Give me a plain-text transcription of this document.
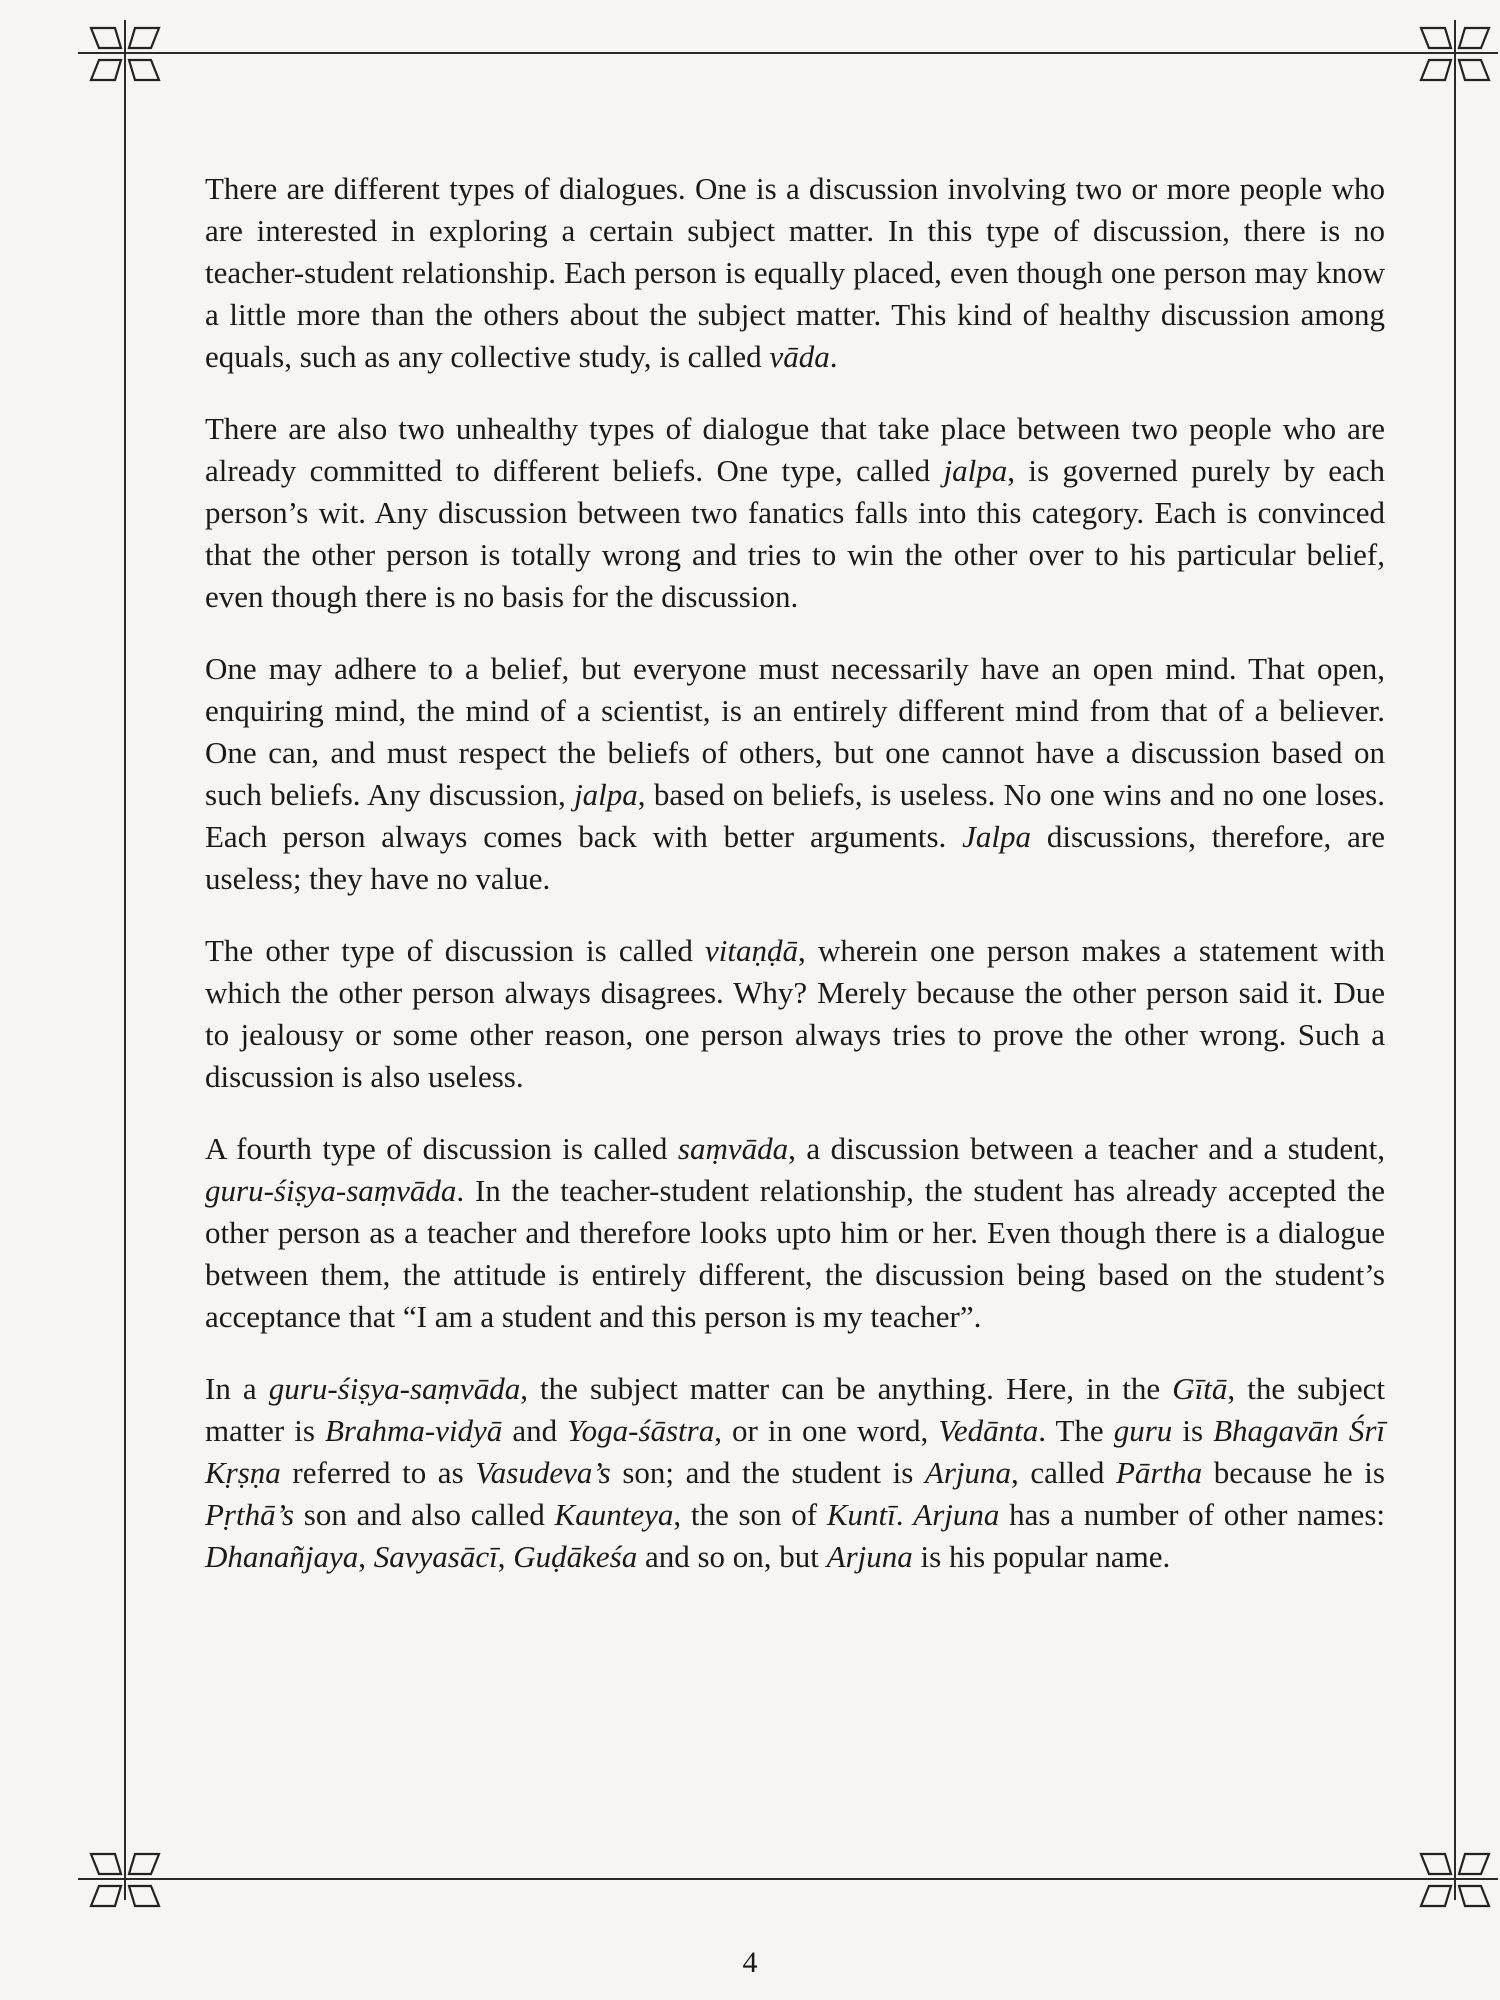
There are different types of dialogues. One is a discussion involving two or more people who are interested in exploring a certain subject matter. In this type of discussion, there is no teacher-student relationship. Each person is equally placed, even though one person may know a little more than the others about the subject matter. This kind of healthy discussion among equals, such as any collective study, is called vāda.

There are also two unhealthy types of dialogue that take place between two people who are already committed to different beliefs. One type, called jalpa, is governed purely by each person’s wit. Any discussion between two fanatics falls into this category. Each is convinced that the other person is totally wrong and tries to win the other over to his particular belief, even though there is no basis for the discussion.

One may adhere to a belief, but everyone must necessarily have an open mind. That open, enquiring mind, the mind of a scientist, is an entirely different mind from that of a believer. One can, and must respect the beliefs of others, but one cannot have a discussion based on such beliefs. Any discussion, jalpa, based on beliefs, is useless. No one wins and no one loses. Each person always comes back with better arguments. Jalpa discussions, therefore, are useless; they have no value.

The other type of discussion is called vitaṇḍā, wherein one person makes a statement with which the other person always disagrees. Why? Merely because the other person said it. Due to jealousy or some other reason, one person always tries to prove the other wrong. Such a discussion is also useless.

A fourth type of discussion is called saṃvāda, a discussion between a teacher and a student, guru-śiṣya-saṃvāda. In the teacher-student relationship, the student has already accepted the other person as a teacher and therefore looks upto him or her. Even though there is a dialogue between them, the attitude is entirely different, the discussion being based on the student’s acceptance that “I am a student and this person is my teacher”.

In a guru-śiṣya-saṃvāda, the subject matter can be anything. Here, in the Gītā, the subject matter is Brahma-vidyā and Yoga-śāstra, or in one word, Vedānta. The guru is Bhagavān Śrī Kṛṣṇa referred to as Vasudeva’s son; and the student is Arjuna, called Pārtha because he is Pṛthā’s son and also called Kaunteya, the son of Kuntī. Arjuna has a number of other names: Dhanañjaya, Savyasācī, Guḍākeśa and so on, but Arjuna is his popular name.

4
